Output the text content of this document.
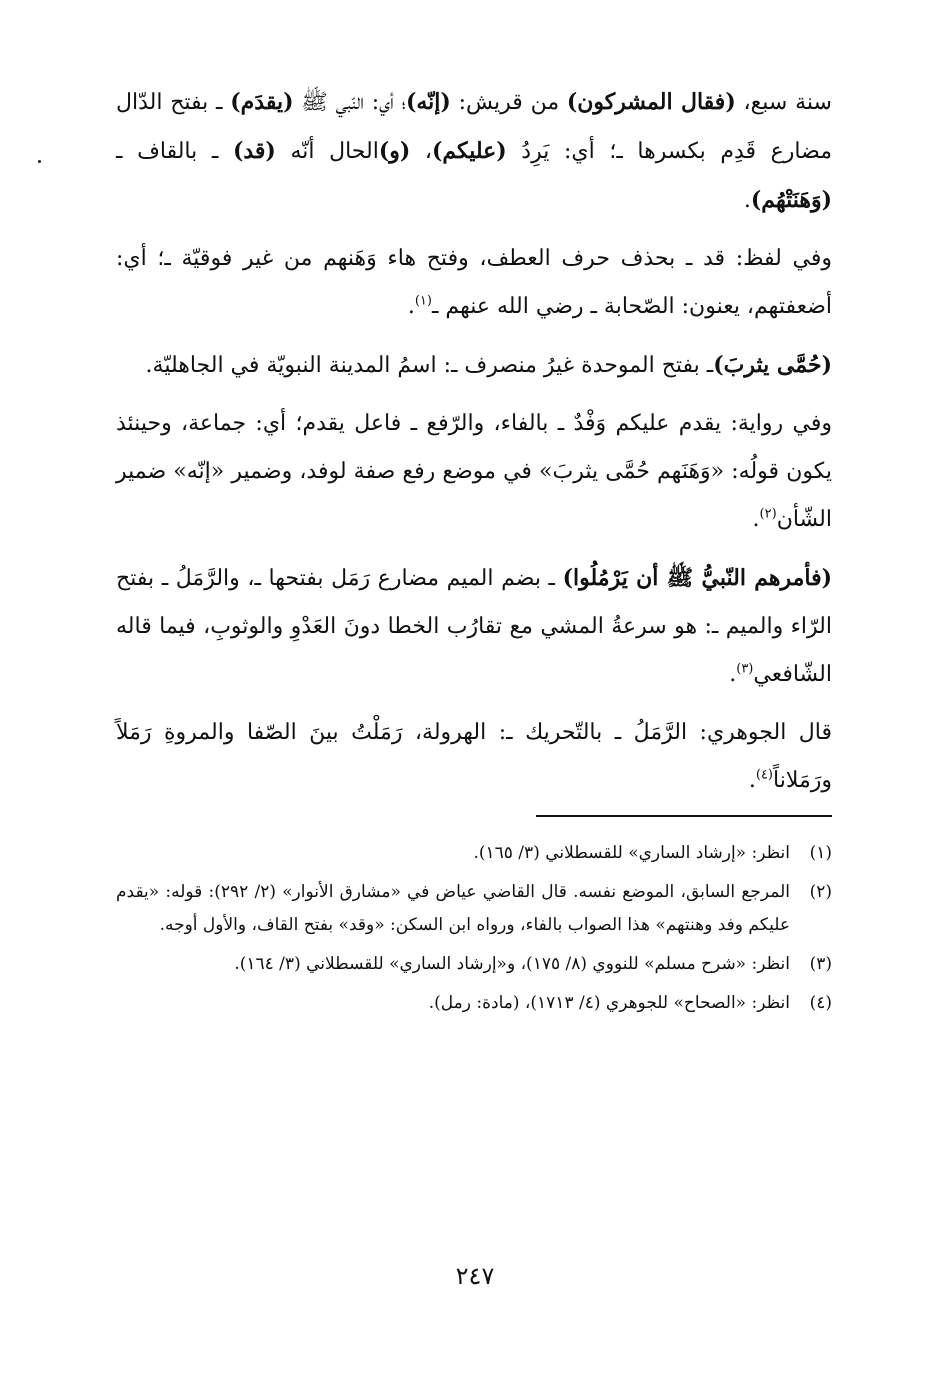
سنة سبع، (فقال المشركون) من قريش: (إنّه)؛ أي: النّبي ﷺ (يقدَم) ـ بفتح الدّال مضارع قَدِم بكسرها ـ؛ أي: يَرِدُ (عليكم)، (و)الحال أنّه (قد) ـ بالقاف ـ (وَهَنَتْهُم).

وفي لفظ: قد ـ بحذف حرف العطف، وفتح هاء وَهَنهم من غير فوقيّة ـ؛ أي: أضعفتهم، يعنون: الصّحابة ـ رضي الله عنهم ـ$^{(١)}$.

(حُمَّى يثربَ)ـ بفتح الموحدة غيرُ منصرف ـ: اسمُ المدينة النبويّة في الجاهليّة.

وفي رواية: يقدم عليكم وَفْدٌ ـ بالفاء، والرّفع ـ فاعل يقدم؛ أي: جماعة، وحينئذ يكون قولُه: «وَهَنَهم حُمَّى يثربَ» في موضع رفع صفة لوفد، وضمير «إنّه» ضمير الشّأن$^{(٢)}$.

(فأمرهم النّبيُّ ﷺ أن يَرْمُلُوا) ـ بضم الميم مضارع رَمَل بفتحها ـ، والرَّمَلُ ـ بفتح الرّاء والميم ـ: هو سرعةُ المشي مع تقارُب الخطا دونَ العَدْوِ والوثوبِ، فيما قاله الشّافعي$^{(٣)}$.

قال الجوهري: الرَّمَلُ ـ بالتّحريك ـ: الهرولة، رَمَلْتُ بينَ الصّفا والمروةِ رَمَلاً ورَمَلاناً$^{(٤)}$.

(١)
انظر: «إرشاد الساري» للقسطلاني (٣/ ١٦٥).
(٢)
المرجع السابق، الموضع نفسه. قال القاضي عياض في «مشارق الأنوار» (٢/ ٢٩٢): قوله: «يقدم عليكم وفد وهنتهم» هذا الصواب بالفاء، ورواه ابن السكن: «وقد» بفتح القاف، والأول أوجه.
(٣)
انظر: «شرح مسلم» للنووي (٨/ ١٧٥)، و«إرشاد الساري» للقسطلاني (٣/ ١٦٤).
(٤)
انظر: «الصحاح» للجوهري (٤/ ١٧١٣)، (مادة: رمل).
٢٤٧
